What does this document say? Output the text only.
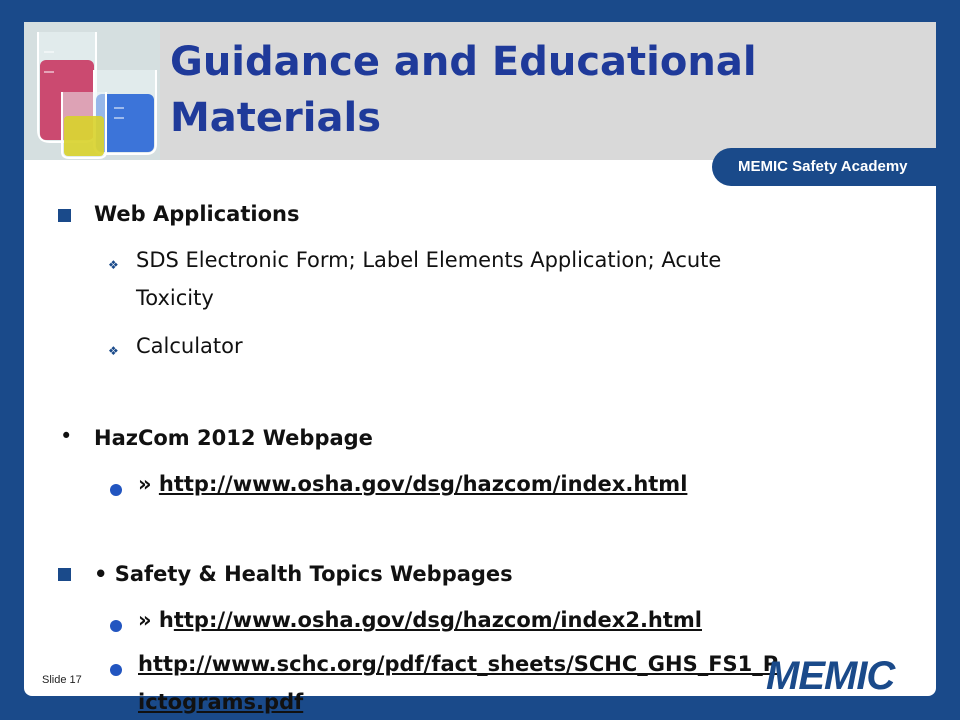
Guidance and Educational
Materials
MEMIC Safety Academy
Web Applications
❖ SDS Electronic Form; Label Elements Application; Acute
Toxicity
❖ Calculator
• HazCom 2012 Webpage
» http://www.osha.gov/dsg/hazcom/index.html
• Safety & Health Topics Webpages
» http://www.osha.gov/dsg/hazcom/index2.html
http://www.schc.org/pdf/fact_sheets/SCHC_GHS_FS1_P
ictograms.pdf
Slide 17	MEMIC
